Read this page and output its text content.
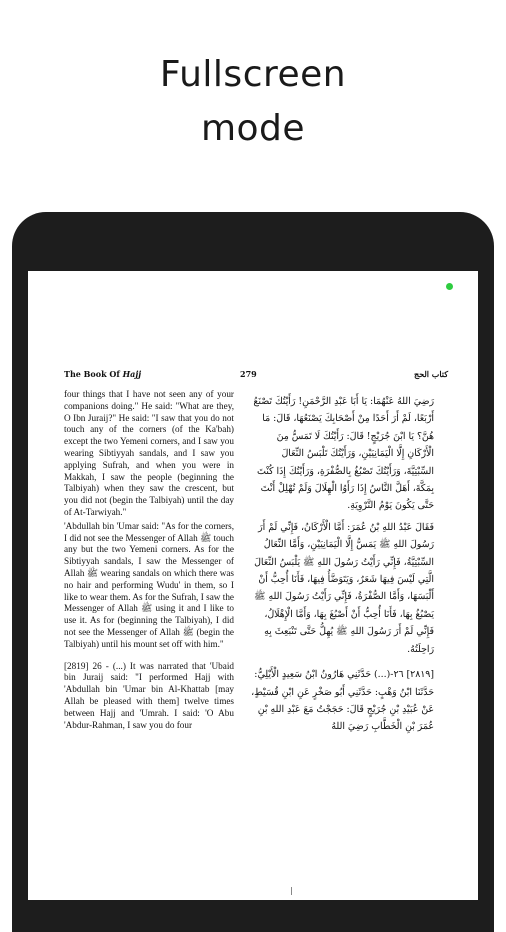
Fullscreen
mode
The Book Of Hajj	279	كتاب الحج

four things that I have not seen any of your companions doing." He said: "What are they, O Ibn Juraij?" He said: "I saw that you do not touch any of the corners (of the Ka'bah) except the two Yemeni corners, and I saw you wearing Sibtiyyah sandals, and I saw you applying Sufrah, and when you were in Makkah, I saw the people (beginning the Talbiyah) when they saw the crescent, but you did not (begin the Talbiyah) until the day of At-Tarwiyah."

'Abdullah bin 'Umar said: "As for the corners, I did not see the Messenger of Allah ﷺ touch any but the two Yemeni corners. As for the Sibtiyyah sandals, I saw the Messenger of Allah ﷺ wearing sandals on which there was no hair and performing Wudu' in them, so I like to wear them. As for the Sufrah, I saw the Messenger of Allah ﷺ using it and I like to use it. As for (beginning the Talbiyah), I did not see the Messenger of Allah ﷺ (begin the Talbiyah) until his mount set off with him."

[2819] 26 - (...) It was narrated that 'Ubaid bin Juraij said: "I performed Hajj with 'Abdullah bin 'Umar bin Al-Khattab [may Allah be pleased with them] twelve times between Hajj and 'Umrah. I said: 'O Abu 'Abdur-Rahman, I saw you do four

رَضِيَ اللهُ عَنْهُمَا: يَا أَبَا عَبْدِ الرَّحْمَنِ! رَأَيْتُكَ تَصْنَعُ أَرْبَعًا، لَمْ أَرَ أَحَدًا مِنْ أَصْحَابِكَ يَصْنَعُهَا، قَالَ: مَا هُنَّ؟ يَا ابْنَ جُرَيْجٍ! قَالَ: رَأَيْتُكَ لَا تَمَسُّ مِنَ الْأَرْكَانِ إِلَّا الْيَمَانِيَيْنِ، وَرَأَيْتُكَ تَلْبَسُ النِّعَالَ السِّبْتِيَّةَ، وَرَأَيْتُكَ تَصْبُغُ بِالصُّفْرَةِ، وَرَأَيْتُكَ إِذَا كُنْتَ بِمَكَّةَ، أَهَلَّ النَّاسُ إِذَا رَأَوُا الْهِلَالَ وَلَمْ تُهْلِلْ أَنْتَ حَتَّى يَكُونَ يَوْمُ التَّرْوِيَةِ.

فَقَالَ عَبْدُ اللهِ بْنُ عُمَرَ: أَمَّا الْأَرْكَانُ، فَإِنِّي لَمْ أَرَ رَسُولَ اللهِ ﷺ يَمَسُّ إِلَّا الْيَمَانِيَيْنِ، وَأَمَّا النِّعَالُ السِّبْتِيَّةُ، فَإِنِّي رَأَيْتُ رَسُولَ اللهِ ﷺ يَلْبَسُ النِّعَالَ الَّتِي لَيْسَ فِيهَا شَعَرٌ، وَيَتَوَضَّأُ فِيهَا، فَأَنَا أُحِبُّ أَنْ أَلْبَسَهَا، وَأَمَّا الصُّفْرَةُ، فَإِنِّي رَأَيْتُ رَسُولَ اللهِ ﷺ يَصْبُغُ بِهَا، فَأَنَا أُحِبُّ أَنْ أَصْبُغَ بِهَا، وَأَمَّا الْإِهْلَالُ، فَإِنِّي لَمْ أَرَ رَسُولَ اللهِ ﷺ يُهِلُّ حَتَّى تَنْبَعِثَ بِهِ رَاحِلَتُهُ.

[٢٨١٩] ٢٦-(...) حَدَّثَنِي هَارُونُ ابْنُ سَعِيدٍ الْأَيْلِيُّ: حَدَّثَنَا ابْنُ وَهْبٍ: حَدَّثَنِي أَبُو صَخْرٍ عَنِ ابْنِ قُسَيْطٍ، عَنْ عُبَيْدِ بْنِ جُرَيْجٍ قَالَ: حَجَجْتُ مَعَ عَبْدِ اللهِ بْنِ عُمَرَ بْنِ الْخَطَّابِ رَضِيَ اللهُ
